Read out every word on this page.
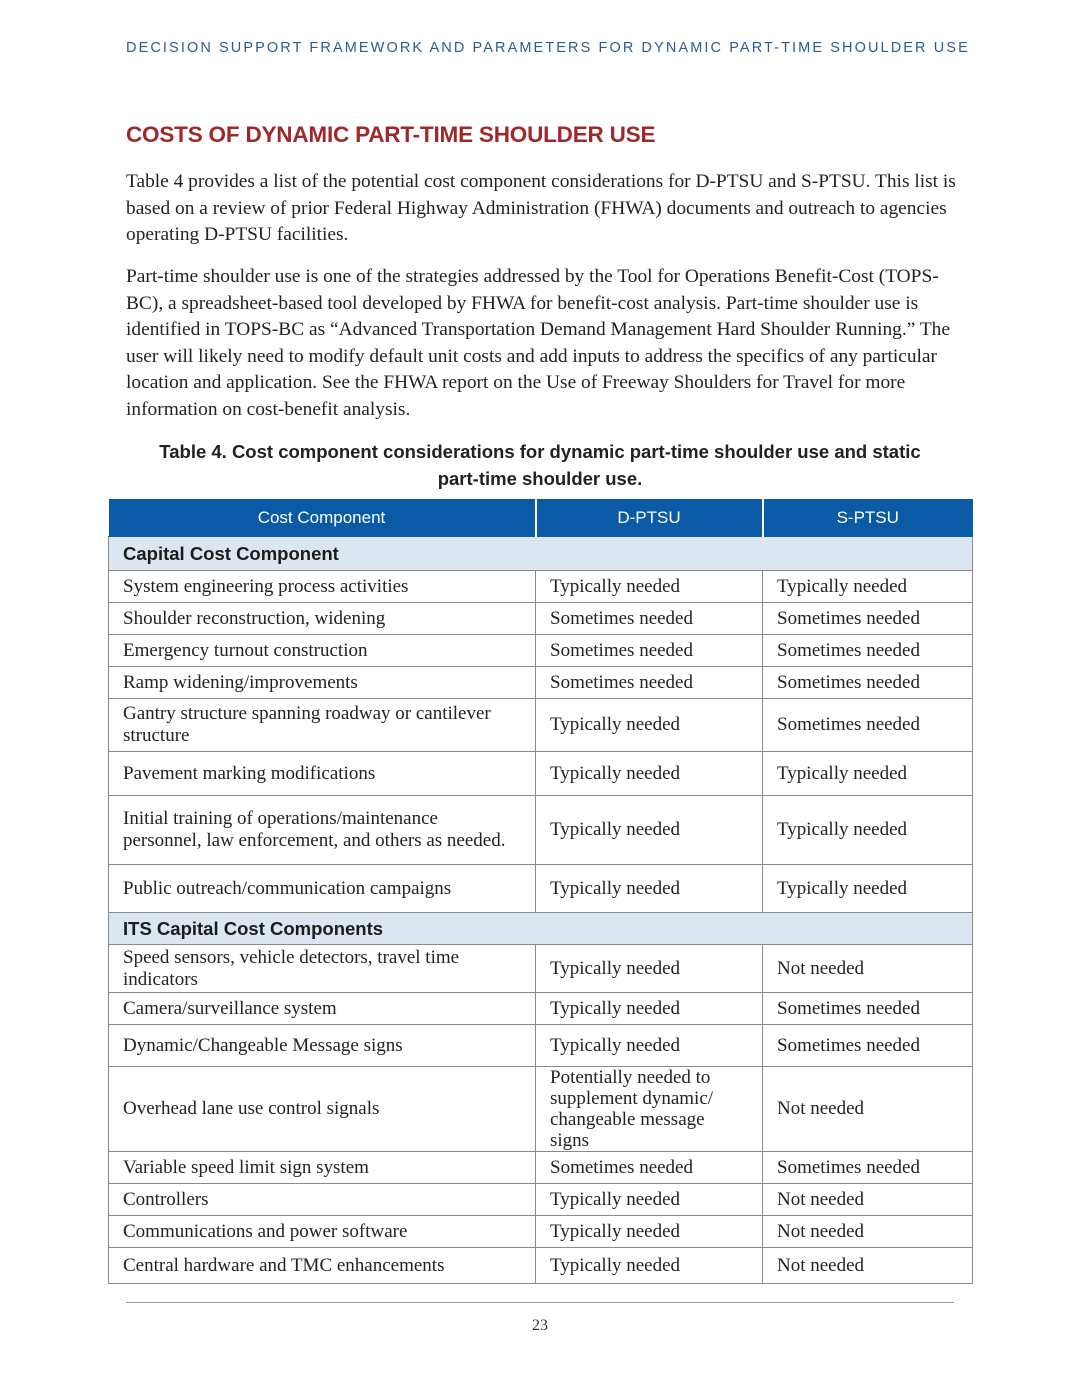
DECISION SUPPORT FRAMEWORK AND PARAMETERS FOR DYNAMIC PART-TIME SHOULDER USE
COSTS OF DYNAMIC PART-TIME SHOULDER USE

Table 4 provides a list of the potential cost component considerations for D-PTSU and S-PTSU. This list is based on a review of prior Federal Highway Administration (FHWA) documents and outreach to agencies operating D-PTSU facilities.

Part-time shoulder use is one of the strategies addressed by the Tool for Operations Benefit-Cost (TOPS-BC), a spreadsheet-based tool developed by FHWA for benefit-cost analysis. Part-time shoulder use is identified in TOPS-BC as “Advanced Transportation Demand Management Hard Shoulder Running.” The user will likely need to modify default unit costs and add inputs to address the specifics of any particular location and application. See the FHWA report on the Use of Freeway Shoulders for Travel for more information on cost-benefit analysis.

Table 4. Cost component considerations for dynamic part-time shoulder use and static
part-time shoulder use.
Cost Component	D-PTSU	S-PTSU
Capital Cost Component		
System engineering process activities	Typically needed	Typically needed
Shoulder reconstruction, widening	Sometimes needed	Sometimes needed
Emergency turnout construction	Sometimes needed	Sometimes needed
Ramp widening/improvements	Sometimes needed	Sometimes needed
Gantry structure spanning roadway or cantilever structure	Typically needed	Sometimes needed
Pavement marking modifications	Typically needed	Typically needed
Initial training of operations/maintenance personnel, law enforcement, and others as needed.	Typically needed	Typically needed
Public outreach/communication campaigns	Typically needed	Typically needed
ITS Capital Cost Components		
Speed sensors, vehicle detectors, travel time indicators	Typically needed	Not needed
Camera/surveillance system	Typically needed	Sometimes needed
Dynamic/Changeable Message signs	Typically needed	Sometimes needed
Overhead lane use control signals	Potentially needed to supplement dynamic/ changeable message signs	Not needed
Variable speed limit sign system	Sometimes needed	Sometimes needed
Controllers	Typically needed	Not needed
Communications and power software	Typically needed	Not needed
Central hardware and TMC enhancements	Typically needed	Not needed
23
